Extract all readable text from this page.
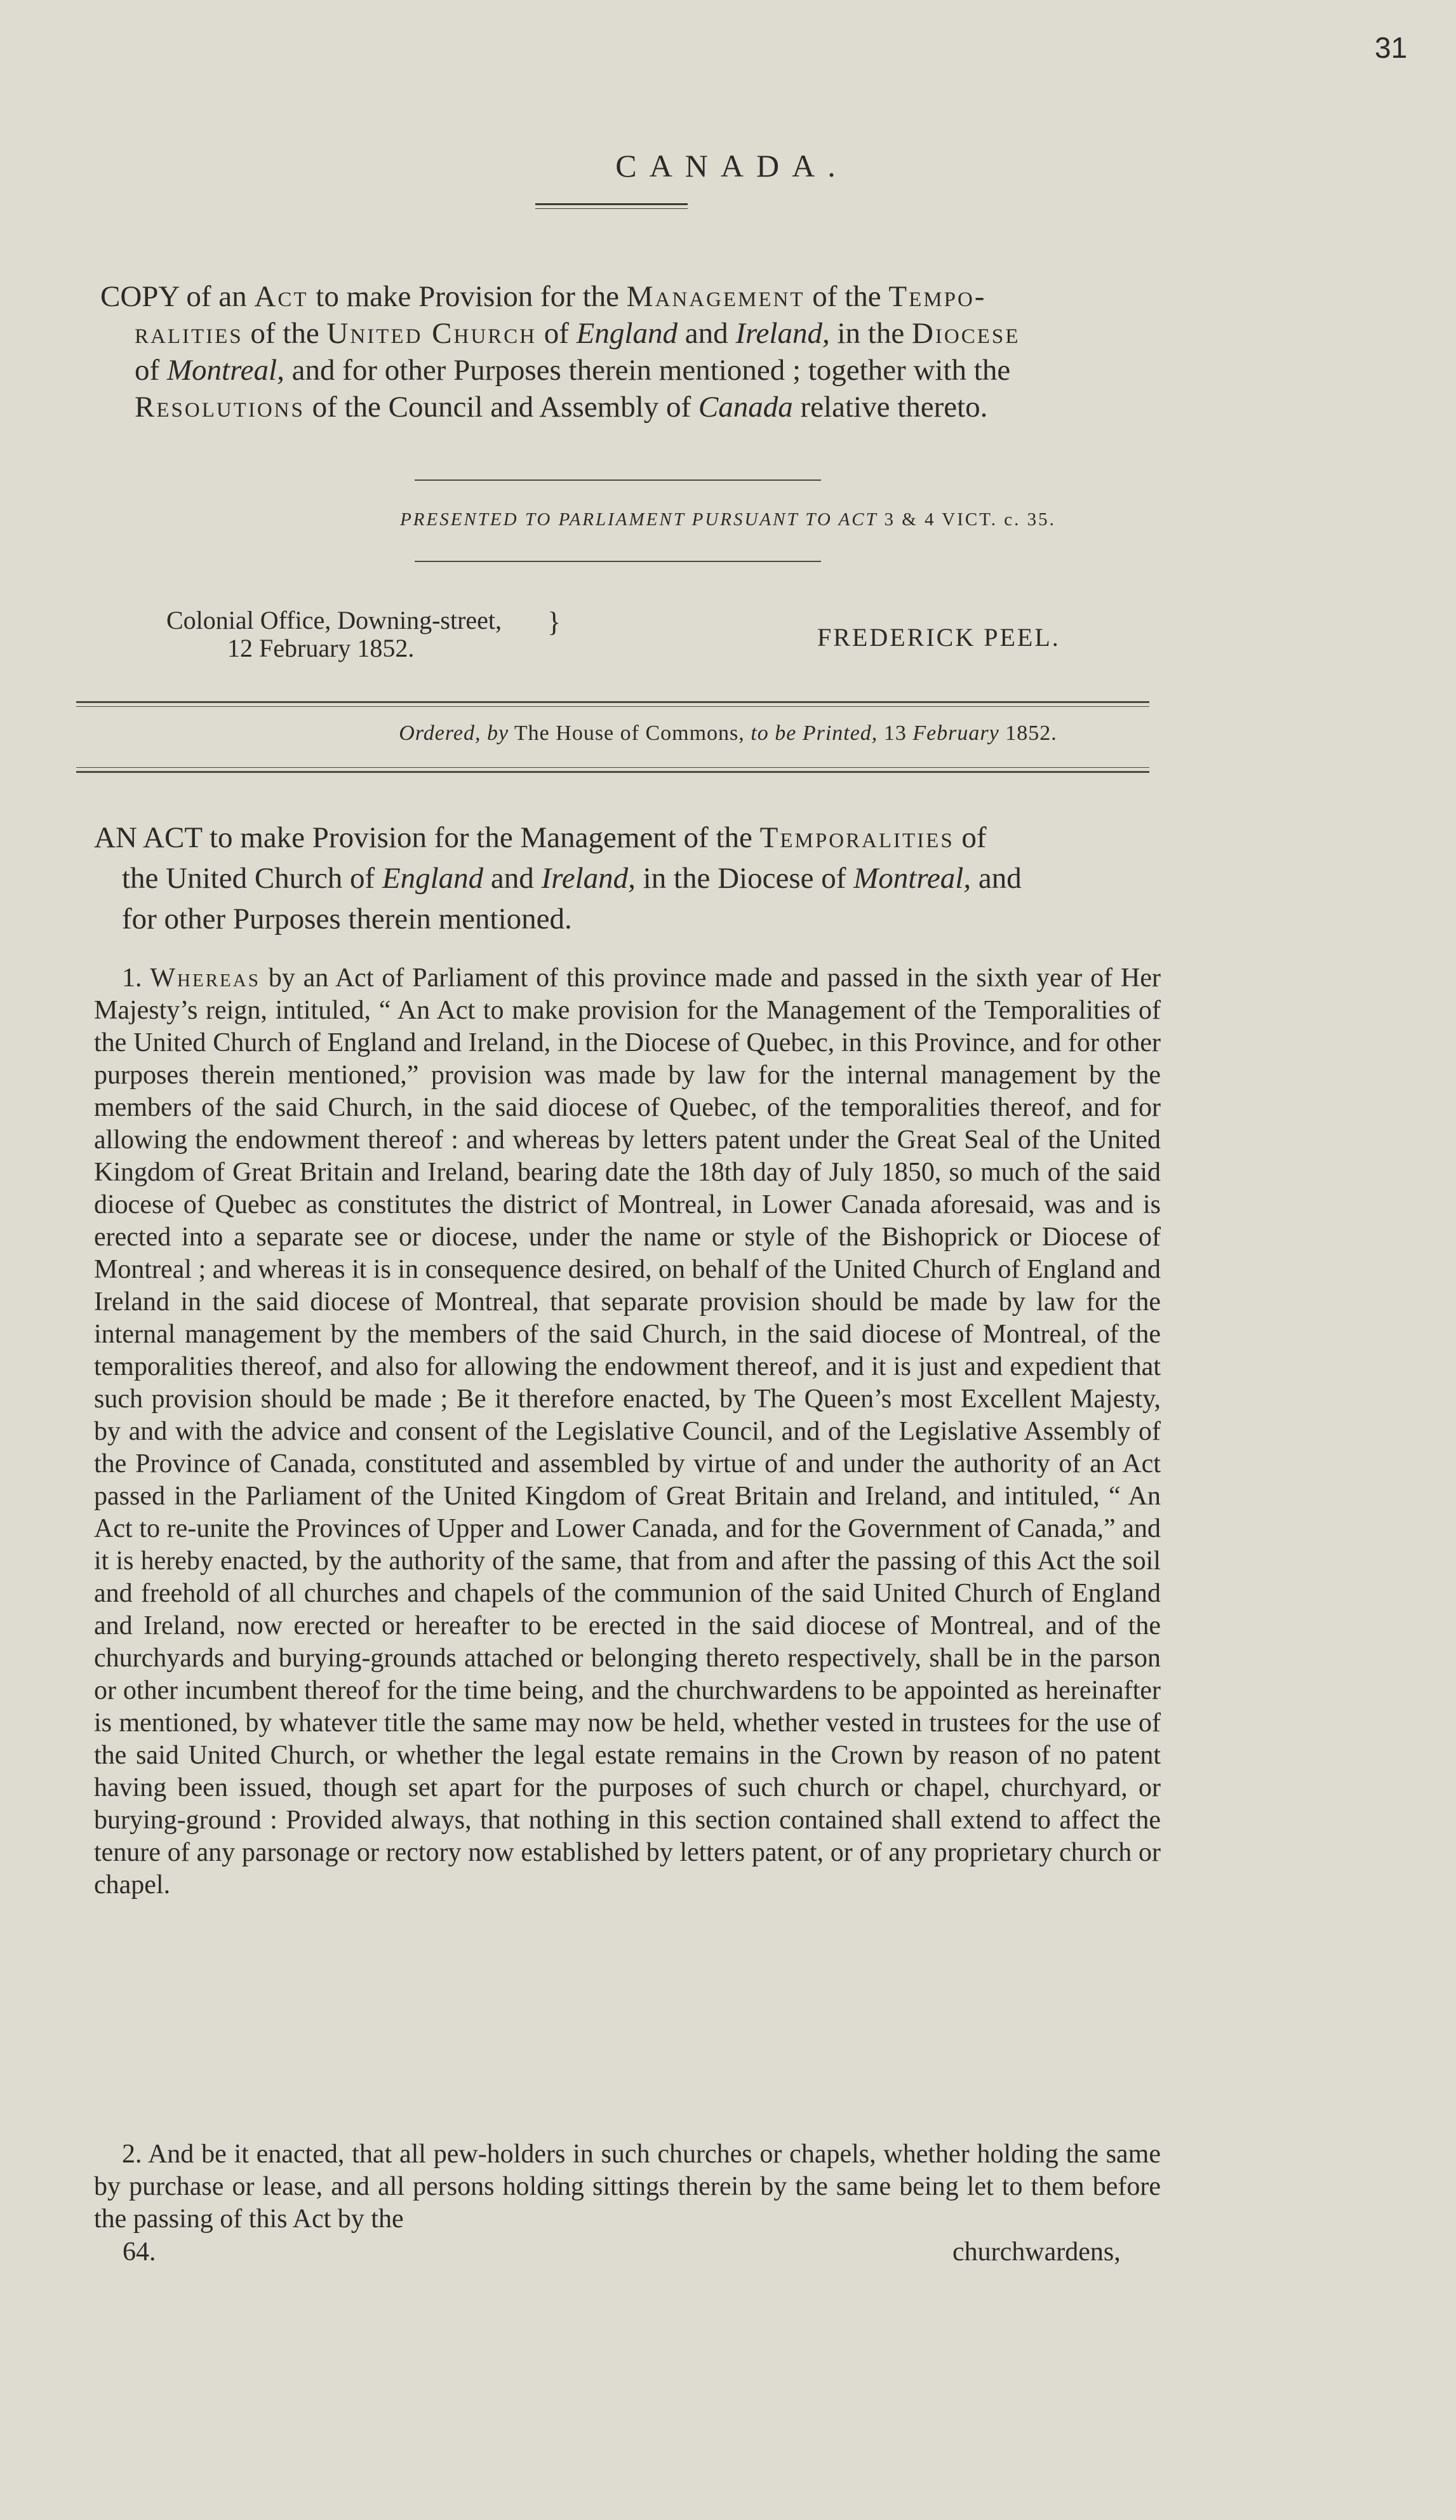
31
CANADA.
COPY of an Act to make Provision for the Management of the Tempo-
ralities of the United Church of England and Ireland, in the Diocese
of Montreal, and for other Purposes therein mentioned ; together with the
Resolutions of the Council and Assembly of Canada relative thereto.
PRESENTED TO PARLIAMENT PURSUANT TO ACT 3 & 4 VICT. c. 35.
Colonial Office, Downing-street,
12 February 1852.
}	FREDERICK PEEL.
Ordered, by The House of Commons, to be Printed, 13 February 1852.
AN ACT to make Provision for the Management of the Temporalities of
the United Church of England and Ireland, in the Diocese of Montreal, and
for other Purposes therein mentioned.
1. Whereas by an Act of Parliament of this province made and passed in the sixth year of Her Majesty’s reign, intituled, “ An Act to make provision for the Management of the Temporalities of the United Church of England and Ireland, in the Diocese of Quebec, in this Province, and for other purposes therein mentioned,” provision was made by law for the internal management by the members of the said Church, in the said diocese of Quebec, of the temporalities thereof, and for allowing the endowment thereof : and whereas by letters patent under the Great Seal of the United Kingdom of Great Britain and Ireland, bearing date the 18th day of July 1850, so much of the said diocese of Quebec as constitutes the district of Montreal, in Lower Canada aforesaid, was and is erected into a separate see or diocese, under the name or style of the Bishoprick or Diocese of Montreal ; and whereas it is in consequence desired, on behalf of the United Church of England and Ireland in the said diocese of Montreal, that separate provision should be made by law for the internal management by the members of the said Church, in the said diocese of Montreal, of the temporalities thereof, and also for allowing the endowment thereof, and it is just and expedient that such provision should be made ; Be it therefore enacted, by The Queen’s most Excellent Majesty, by and with the advice and consent of the Legislative Council, and of the Legislative Assembly of the Province of Canada, constituted and assembled by virtue of and under the authority of an Act passed in the Parliament of the United Kingdom of Great Britain and Ireland, and intituled, “ An Act to re-unite the Provinces of Upper and Lower Canada, and for the Government of Canada,” and it is hereby enacted, by the authority of the same, that from and after the passing of this Act the soil and freehold of all churches and chapels of the communion of the said United Church of England and Ireland, now erected or hereafter to be erected in the said diocese of Montreal, and of the churchyards and burying-grounds attached or belonging thereto respectively, shall be in the parson or other incumbent thereof for the time being, and the churchwardens to be appointed as hereinafter is mentioned, by whatever title the same may now be held, whether vested in trustees for the use of the said United Church, or whether the legal estate remains in the Crown by reason of no patent having been issued, though set apart for the purposes of such church or chapel, churchyard, or burying-ground : Provided always, that nothing in this section contained shall extend to affect the tenure of any parsonage or rectory now established by letters patent, or of any proprietary church or chapel.
2. And be it enacted, that all pew-holders in such churches or chapels, whether holding the same by purchase or lease, and all persons holding sittings therein by the same being let to them before the passing of this Act by the
64.	churchwardens,
